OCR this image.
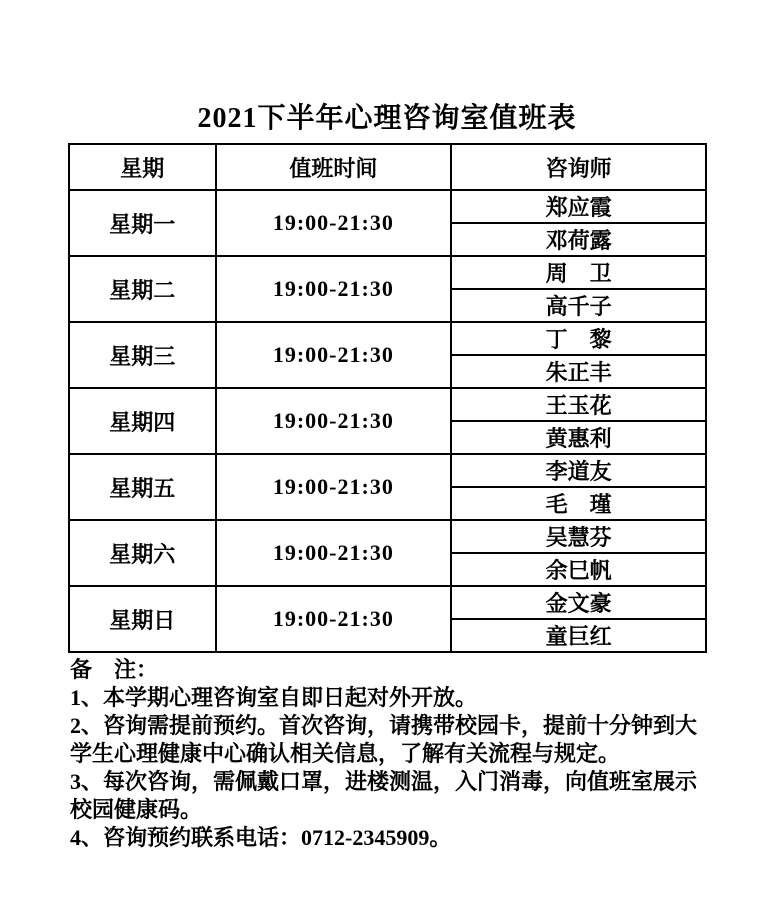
2021下半年心理咨询室值班表
星期	值班时间	咨询师
星期一	19:00-21:30	郑应霞
		邓荷露
星期二	19:00-21:30	周　卫
		高千子
星期三	19:00-21:30	丁　黎
		朱正丰
星期四	19:00-21:30	王玉花
		黄惠利
星期五	19:00-21:30	李道友
		毛　瑾
星期六	19:00-21:30	吴慧芬
		余巳帆
星期日	19:00-21:30	金文豪
		童巨红
备　注：
1、本学期心理咨询室自即日起对外开放。
2、咨询需提前预约。首次咨询，请携带校园卡，提前十分钟到大学生心理健康中心确认相关信息，了解有关流程与规定。
3、每次咨询，需佩戴口罩，进楼测温，入门消毒，向值班室展示校园健康码。
4、咨询预约联系电话：0712-2345909。
